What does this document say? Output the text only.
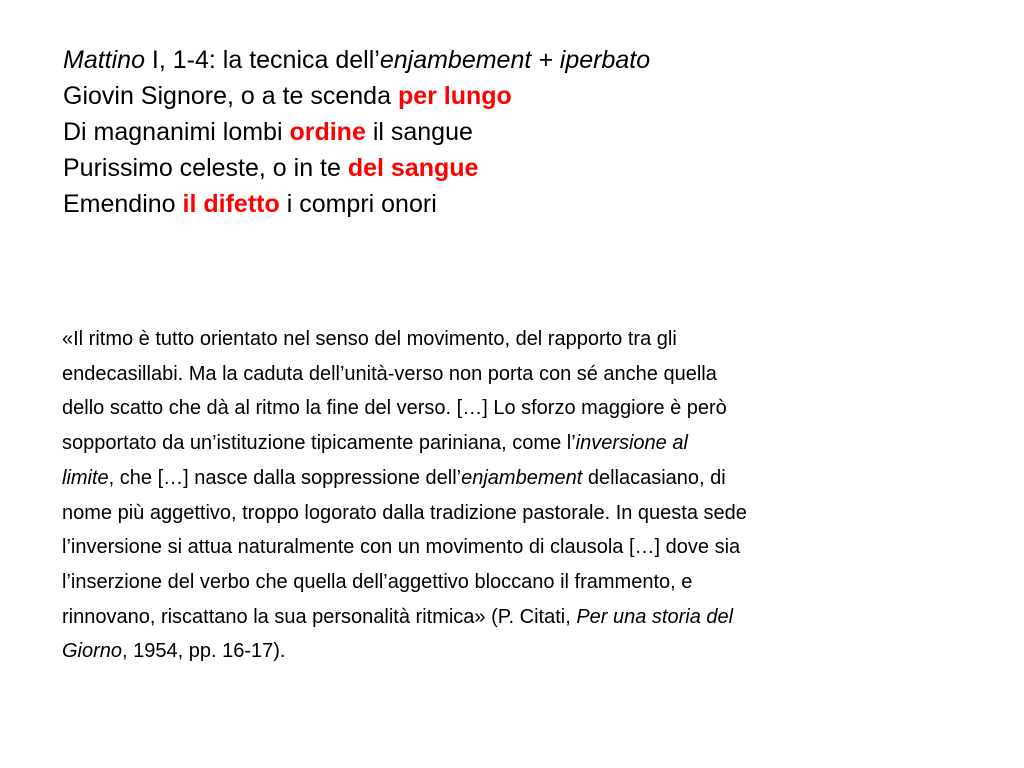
Mattino I, 1-4: la tecnica dell’enjambement + iperbato
Giovin Signore, o a te scenda per lungo
Di magnanimi lombi ordine il sangue
Purissimo celeste, o in te del sangue
Emendino il difetto i compri onori
«Il ritmo è tutto orientato nel senso del movimento, del rapporto tra gli
endecasillabi. Ma la caduta dell’unità-verso non porta con sé anche quella
dello scatto che dà al ritmo la fine del verso. […] Lo sforzo maggiore è però
sopportato da un’istituzione tipicamente pariniana, come l’inversione al
limite, che […] nasce dalla soppressione dell’enjambement dellacasiano, di
nome più aggettivo, troppo logorato dalla tradizione pastorale. In questa sede
l’inversione si attua naturalmente con un movimento di clausola […] dove sia
l’inserzione del verbo che quella dell’aggettivo bloccano il frammento, e
rinnovano, riscattano la sua personalità ritmica» (P. Citati, Per una storia del
Giorno, 1954, pp. 16-17).
